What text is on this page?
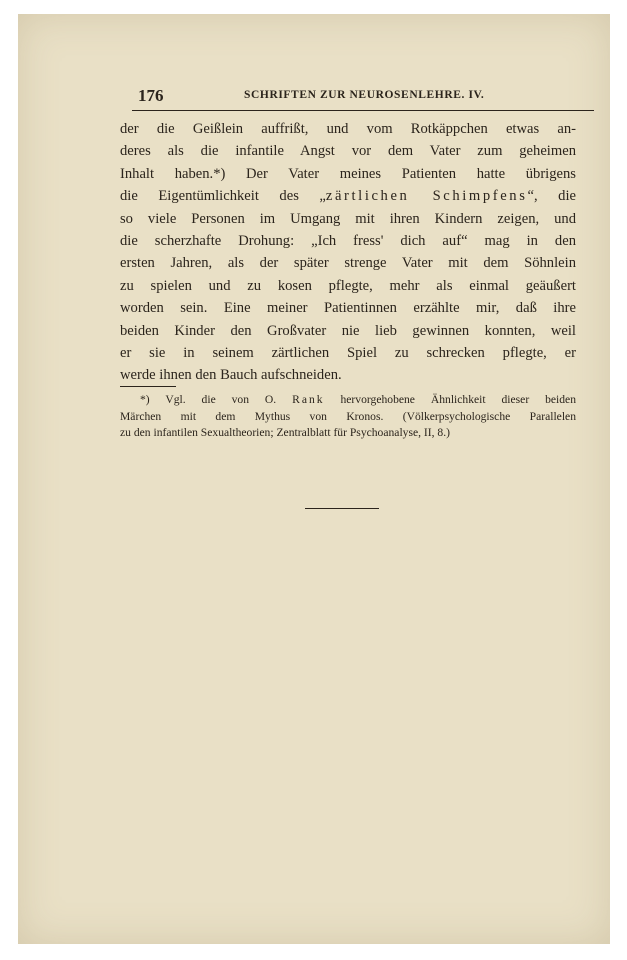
176	SCHRIFTEN ZUR NEUROSENLEHRE. IV.
der die Geißlein auffrißt, und vom Rotkäppchen etwas an-
deres als die infantile Angst vor dem Vater zum geheimen
Inhalt haben.*) Der Vater meines Patienten hatte übrigens
die Eigentümlichkeit des „zärtlichen Schimpfens“, die
so viele Personen im Umgang mit ihren Kindern zeigen, und
die scherzhafte Drohung: „Ich fress' dich auf“ mag in den
ersten Jahren, als der später strenge Vater mit dem Söhnlein
zu spielen und zu kosen pflegte, mehr als einmal geäußert
worden sein. Eine meiner Patientinnen erzählte mir, daß ihre
beiden Kinder den Großvater nie lieb gewinnen konnten, weil
er sie in seinem zärtlichen Spiel zu schrecken pflegte, er
werde ihnen den Bauch aufschneiden.
*) Vgl. die von O. Rank hervorgehobene Ähnlichkeit dieser beiden
Märchen mit dem Mythus von Kronos. (Völkerpsychologische Parallelen
zu den infantilen Sexualtheorien; Zentralblatt für Psychoanalyse, II, 8.)
